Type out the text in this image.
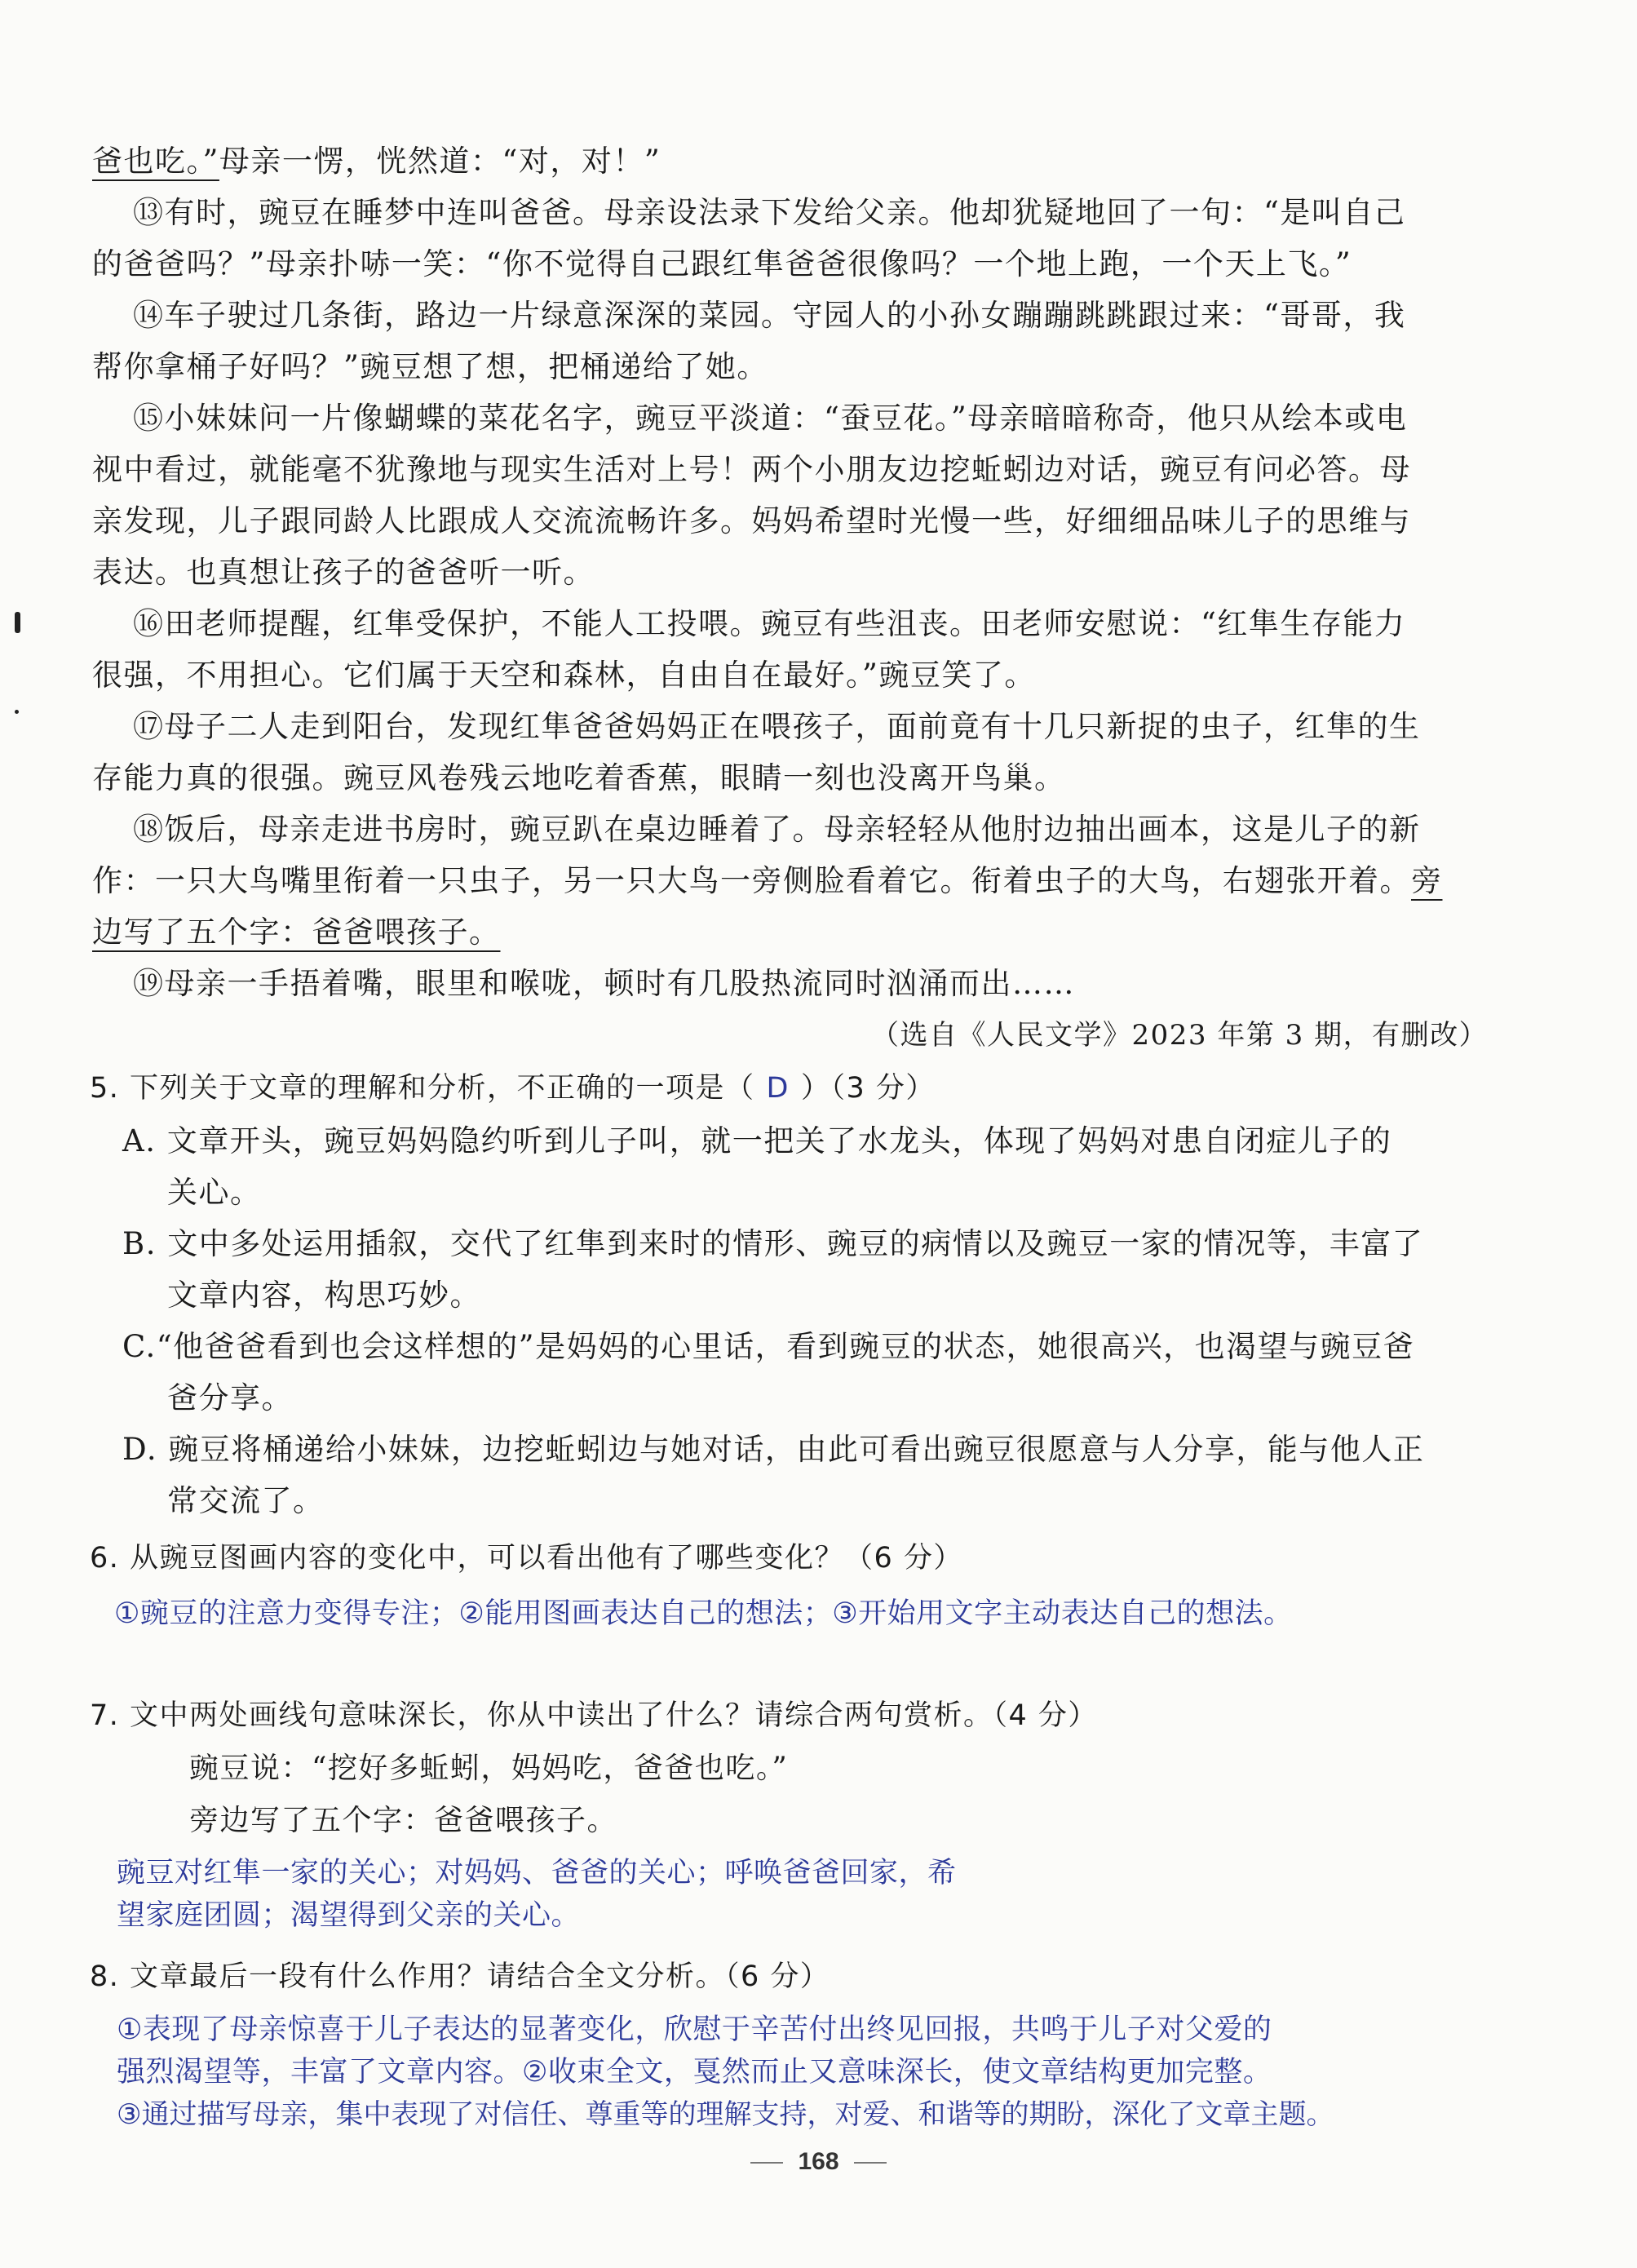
爸也吃。”母亲一愣，恍然道：“对，对！”
⑬有时，豌豆在睡梦中连叫爸爸。母亲设法录下发给父亲。他却犹疑地回了一句：“是叫自己
的爸爸吗？”母亲扑哧一笑：“你不觉得自己跟红隼爸爸很像吗？一个地上跑，一个天上飞。”
⑭车子驶过几条街，路边一片绿意深深的菜园。守园人的小孙女蹦蹦跳跳跟过来：“哥哥，我
帮你拿桶子好吗？”豌豆想了想，把桶递给了她。
⑮小妹妹问一片像蝴蝶的菜花名字，豌豆平淡道：“蚕豆花。”母亲暗暗称奇，他只从绘本或电
视中看过，就能毫不犹豫地与现实生活对上号！两个小朋友边挖蚯蚓边对话，豌豆有问必答。母
亲发现，儿子跟同龄人比跟成人交流流畅许多。妈妈希望时光慢一些，好细细品味儿子的思维与
表达。也真想让孩子的爸爸听一听。
⑯田老师提醒，红隼受保护，不能人工投喂。豌豆有些沮丧。田老师安慰说：“红隼生存能力
很强，不用担心。它们属于天空和森林，自由自在最好。”豌豆笑了。
⑰母子二人走到阳台，发现红隼爸爸妈妈正在喂孩子，面前竟有十几只新捉的虫子，红隼的生
存能力真的很强。豌豆风卷残云地吃着香蕉，眼睛一刻也没离开鸟巢。
⑱饭后，母亲走进书房时，豌豆趴在桌边睡着了。母亲轻轻从他肘边抽出画本，这是儿子的新
作：一只大鸟嘴里衔着一只虫子，另一只大鸟一旁侧脸看着它。衔着虫子的大鸟，右翅张开着。旁
边写了五个字：爸爸喂孩子。
⑲母亲一手捂着嘴，眼里和喉咙，顿时有几股热流同时汹涌而出……
（选自《人民文学》2023 年第 3 期，有删改）
5. 下列关于文章的理解和分析，不正确的一项是（ D ）（3 分）
A. 文章开头，豌豆妈妈隐约听到儿子叫，就一把关了水龙头，体现了妈妈对患自闭症儿子的
关心。
B. 文中多处运用插叙，交代了红隼到来时的情形、豌豆的病情以及豌豆一家的情况等，丰富了
文章内容，构思巧妙。
C.“他爸爸看到也会这样想的”是妈妈的心里话，看到豌豆的状态，她很高兴，也渴望与豌豆爸
爸分享。
D. 豌豆将桶递给小妹妹，边挖蚯蚓边与她对话，由此可看出豌豆很愿意与人分享，能与他人正
常交流了。
6. 从豌豆图画内容的变化中，可以看出他有了哪些变化？（6 分）
①豌豆的注意力变得专注；②能用图画表达自己的想法；③开始用文字主动表达自己的想法。
7. 文中两处画线句意味深长，你从中读出了什么？请综合两句赏析。（4 分）
豌豆说：“挖好多蚯蚓，妈妈吃，爸爸也吃。”
旁边写了五个字：爸爸喂孩子。
豌豆对红隼一家的关心；对妈妈、爸爸的关心；呼唤爸爸回家，希
望家庭团圆；渴望得到父亲的关心。
8. 文章最后一段有什么作用？请结合全文分析。（6 分）
①表现了母亲惊喜于儿子表达的显著变化，欣慰于辛苦付出终见回报，共鸣于儿子对父爱的
强烈渴望等，丰富了文章内容。②收束全文，戛然而止又意味深长，使文章结构更加完整。
③通过描写母亲，集中表现了对信任、尊重等的理解支持，对爱、和谐等的期盼，深化了文章主题。
168
